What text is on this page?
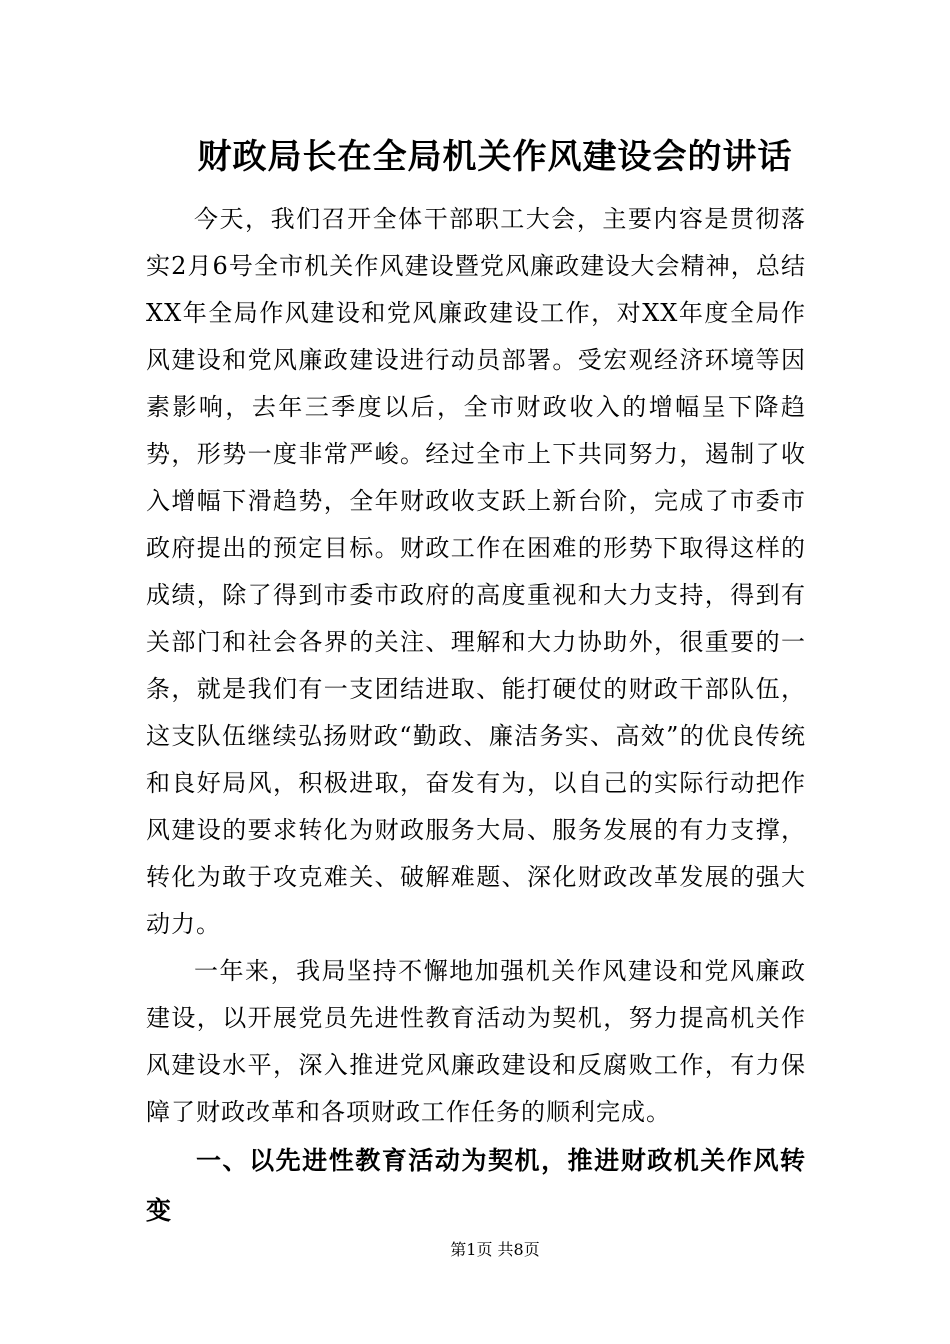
财政局长在全局机关作风建设会的讲话

今天，我们召开全体干部职工大会，主要内容是贯彻落实2月6号全市机关作风建设暨党风廉政建设大会精神，总结XX年全局作风建设和党风廉政建设工作，对XX年度全局作风建设和党风廉政建设进行动员部署。受宏观经济环境等因素影响，去年三季度以后，全市财政收入的增幅呈下降趋势，形势一度非常严峻。经过全市上下共同努力，遏制了收入增幅下滑趋势，全年财政收支跃上新台阶，完成了市委市政府提出的预定目标。财政工作在困难的形势下取得这样的成绩，除了得到市委市政府的高度重视和大力支持，得到有关部门和社会各界的关注、理解和大力协助外，很重要的一条，就是我们有一支团结进取、能打硬仗的财政干部队伍，这支队伍继续弘扬财政“勤政、廉洁务实、高效”的优良传统和良好局风，积极进取，奋发有为，以自己的实际行动把作风建设的要求转化为财政服务大局、服务发展的有力支撑，转化为敢于攻克难关、破解难题、深化财政改革发展的强大动力。

一年来，我局坚持不懈地加强机关作风建设和党风廉政建设，以开展党员先进性教育活动为契机，努力提高机关作风建设水平，深入推进党风廉政建设和反腐败工作，有力保障了财政改革和各项财政工作任务的顺利完成。

一、以先进性教育活动为契机，推进财政机关作风转变
第1页 共8页
